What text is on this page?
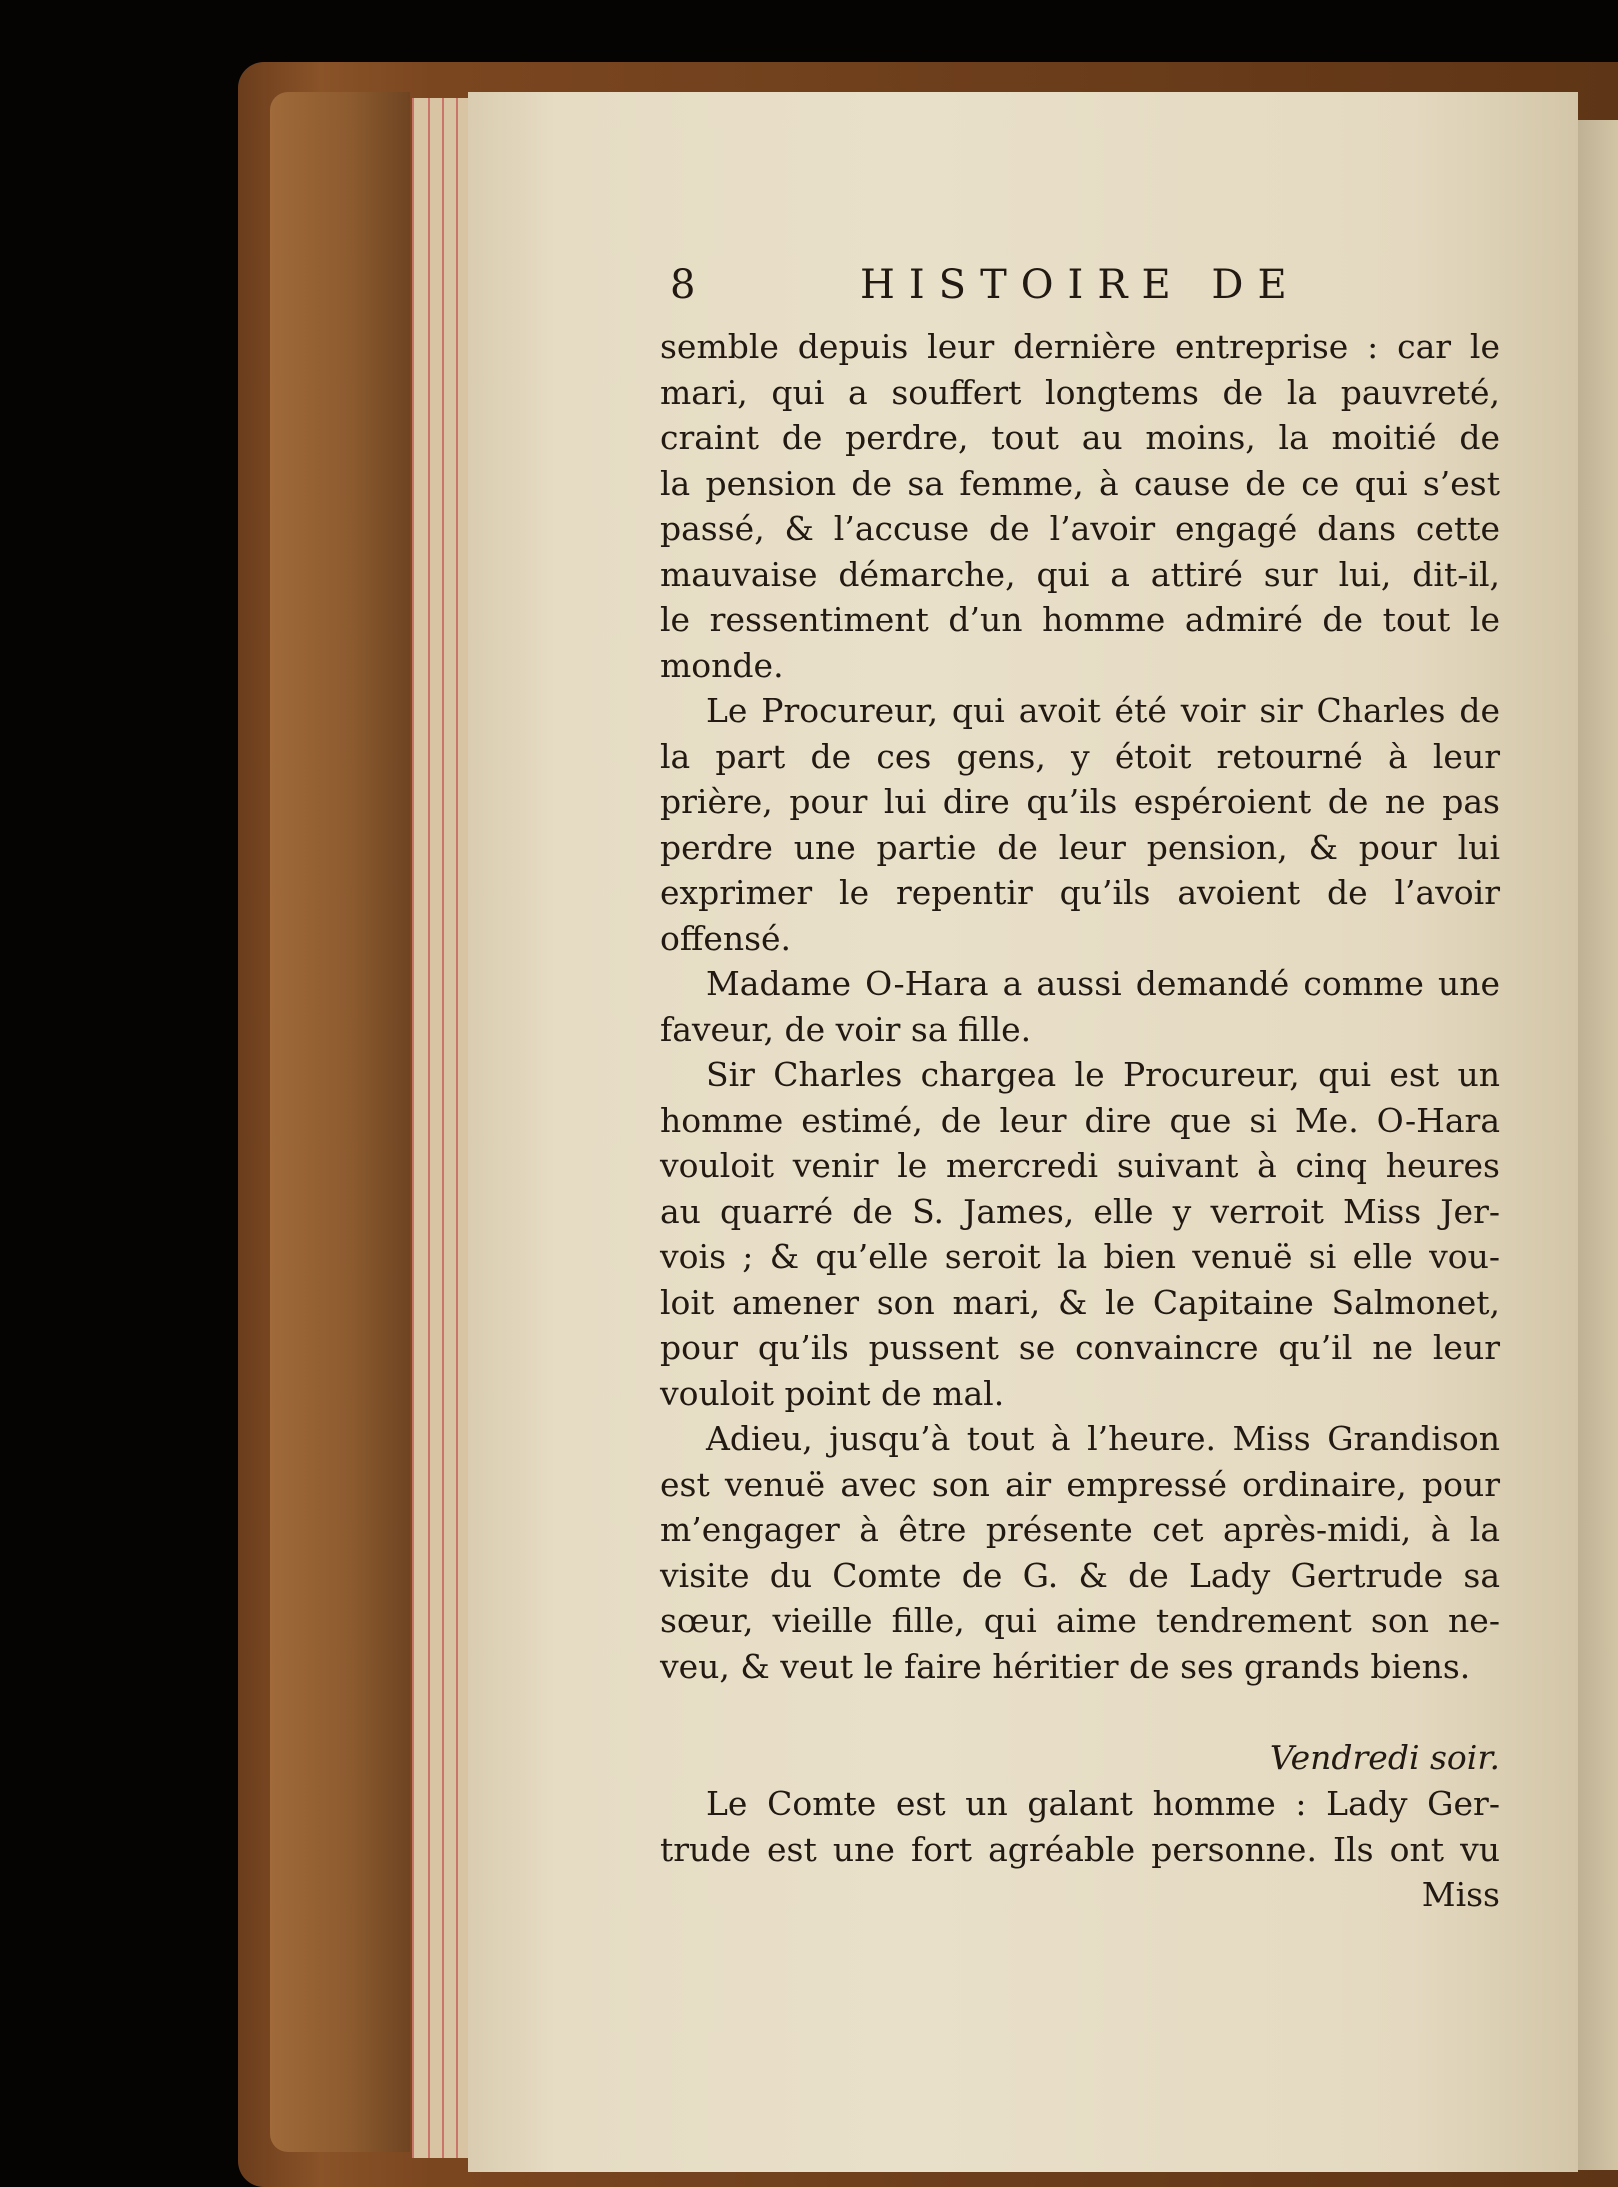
8	HISTOIRE DE
semble depuis leur dernière entreprise : car le
mari, qui a souffert longtems de la pauvreté,
craint de perdre, tout au moins, la moitié de
la pension de sa femme, à cause de ce qui s’est
passé, & l’accuse de l’avoir engagé dans cette
mauvaise démarche, qui a attiré sur lui, dit-il,
le ressentiment d’un homme admiré de tout le
monde.
Le Procureur, qui avoit été voir sir Charles de
la part de ces gens, y étoit retourné à leur
prière, pour lui dire qu’ils espéroient de ne pas
perdre une partie de leur pension, & pour lui
exprimer le repentir qu’ils avoient de l’avoir
offensé.
Madame O-Hara a aussi demandé comme une
faveur, de voir sa fille.
Sir Charles chargea le Procureur, qui est un
homme estimé, de leur dire que si Me. O-Hara
vouloit venir le mercredi suivant à cinq heures
au quarré de S. James, elle y verroit Miss Jer-
vois ; & qu’elle seroit la bien venuë si elle vou-
loit amener son mari, & le Capitaine Salmonet,
pour qu’ils pussent se convaincre qu’il ne leur
vouloit point de mal.
Adieu, jusqu’à tout à l’heure. Miss Grandison
est venuë avec son air empressé ordinaire, pour
m’engager à être présente cet après-midi, à la
visite du Comte de G. & de Lady Gertrude sa
sœur, vieille fille, qui aime tendrement son ne-
veu, & veut le faire héritier de ses grands biens.
Vendredi soir.
Le Comte est un galant homme : Lady Ger-
trude est une fort agréable personne. Ils ont vu
Miss
